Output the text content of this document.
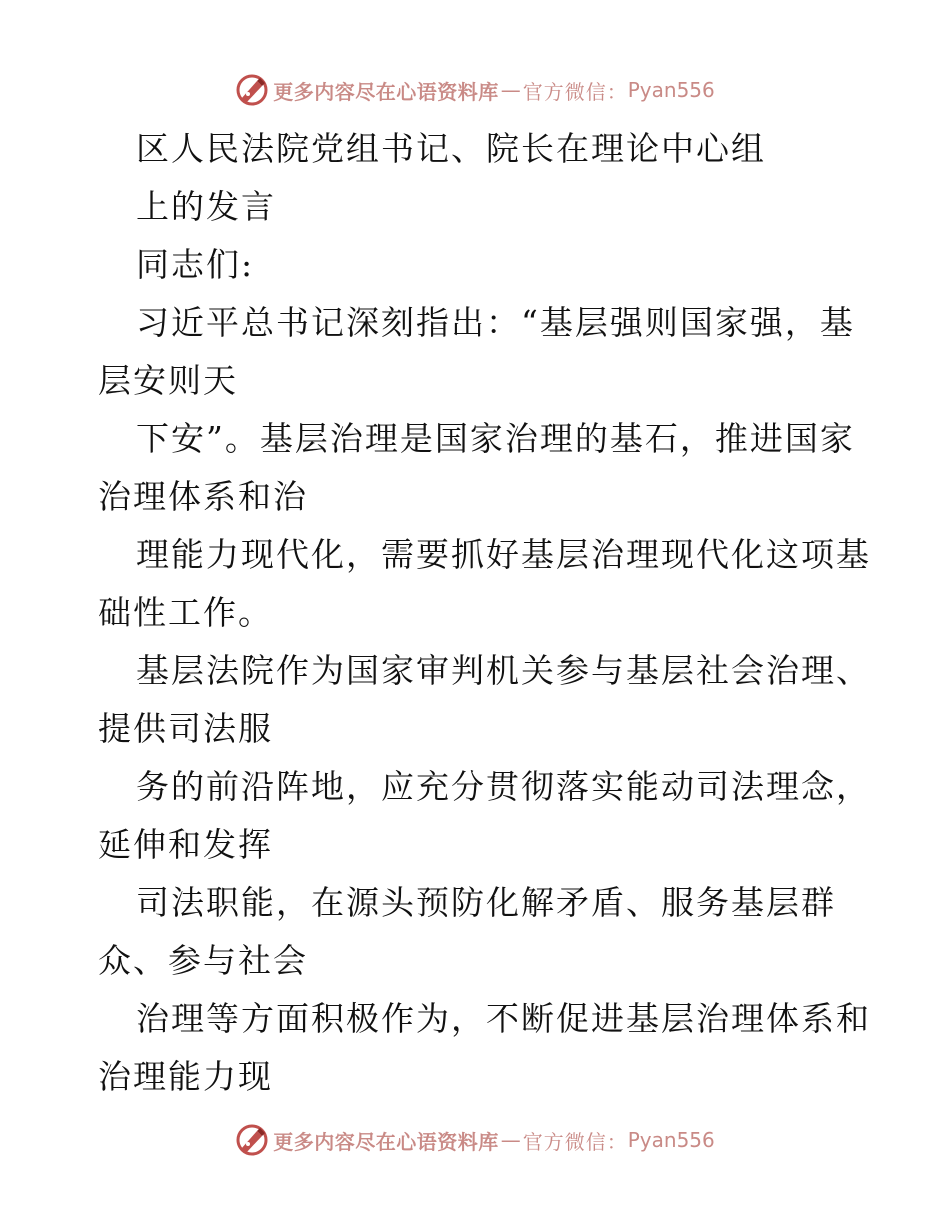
更多内容尽在心语资料库 — 官方微信： Pyan556
区人民法院党组书记、院长在理论中心组
上的发言
同志们:
习近平总书记深刻指出：“基层强则国家强，基
层安则天
下安”。基层治理是国家治理的基石，推进国家
治理体系和治
理能力现代化，需要抓好基层治理现代化这项基
础性工作。
基层法院作为国家审判机关参与基层社会治理、
提供司法服
务的前沿阵地，应充分贯彻落实能动司法理念，
延伸和发挥
司法职能，在源头预防化解矛盾、服务基层群
众、参与社会
治理等方面积极作为，不断促进基层治理体系和
治理能力现
更多内容尽在心语资料库 — 官方微信： Pyan556
